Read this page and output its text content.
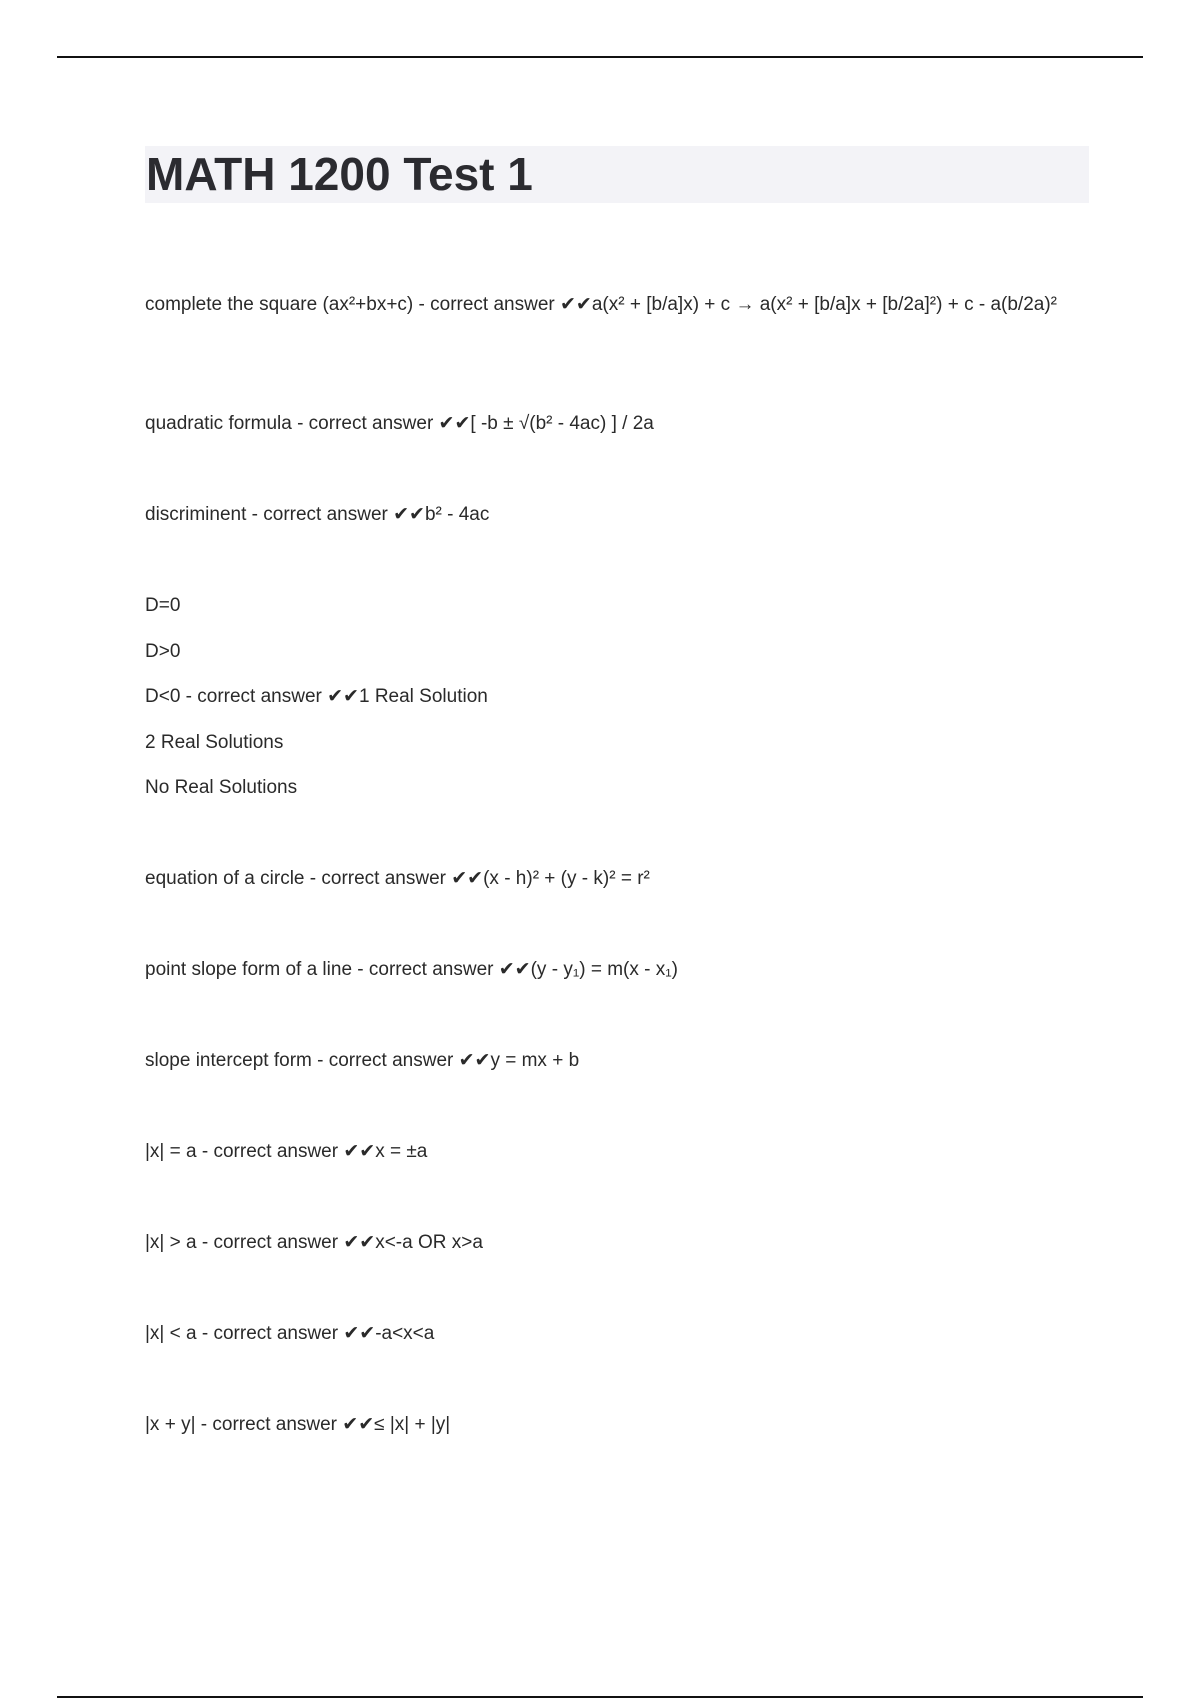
MATH 1200 Test 1
complete the square (ax²+bx+c) - correct answer ✔✔a(x² + [b/a]x) + c → a(x² + [b/a]x + [b/2a]²) + c - a(b/2a)²
quadratic formula - correct answer ✔✔[ -b ± √(b² - 4ac) ] / 2a
discriminent - correct answer ✔✔b² - 4ac
D=0
D>0
D<0 - correct answer ✔✔1 Real Solution
2 Real Solutions
No Real Solutions
equation of a circle - correct answer ✔✔(x - h)² + (y - k)² = r²
point slope form of a line - correct answer ✔✔(y - y₁) = m(x - x₁)
slope intercept form - correct answer ✔✔y = mx + b
|x| = a - correct answer ✔✔x = ±a
|x| > a - correct answer ✔✔x<-a OR x>a
|x| < a - correct answer ✔✔-a<x<a
|x + y| - correct answer ✔✔≤ |x| + |y|
